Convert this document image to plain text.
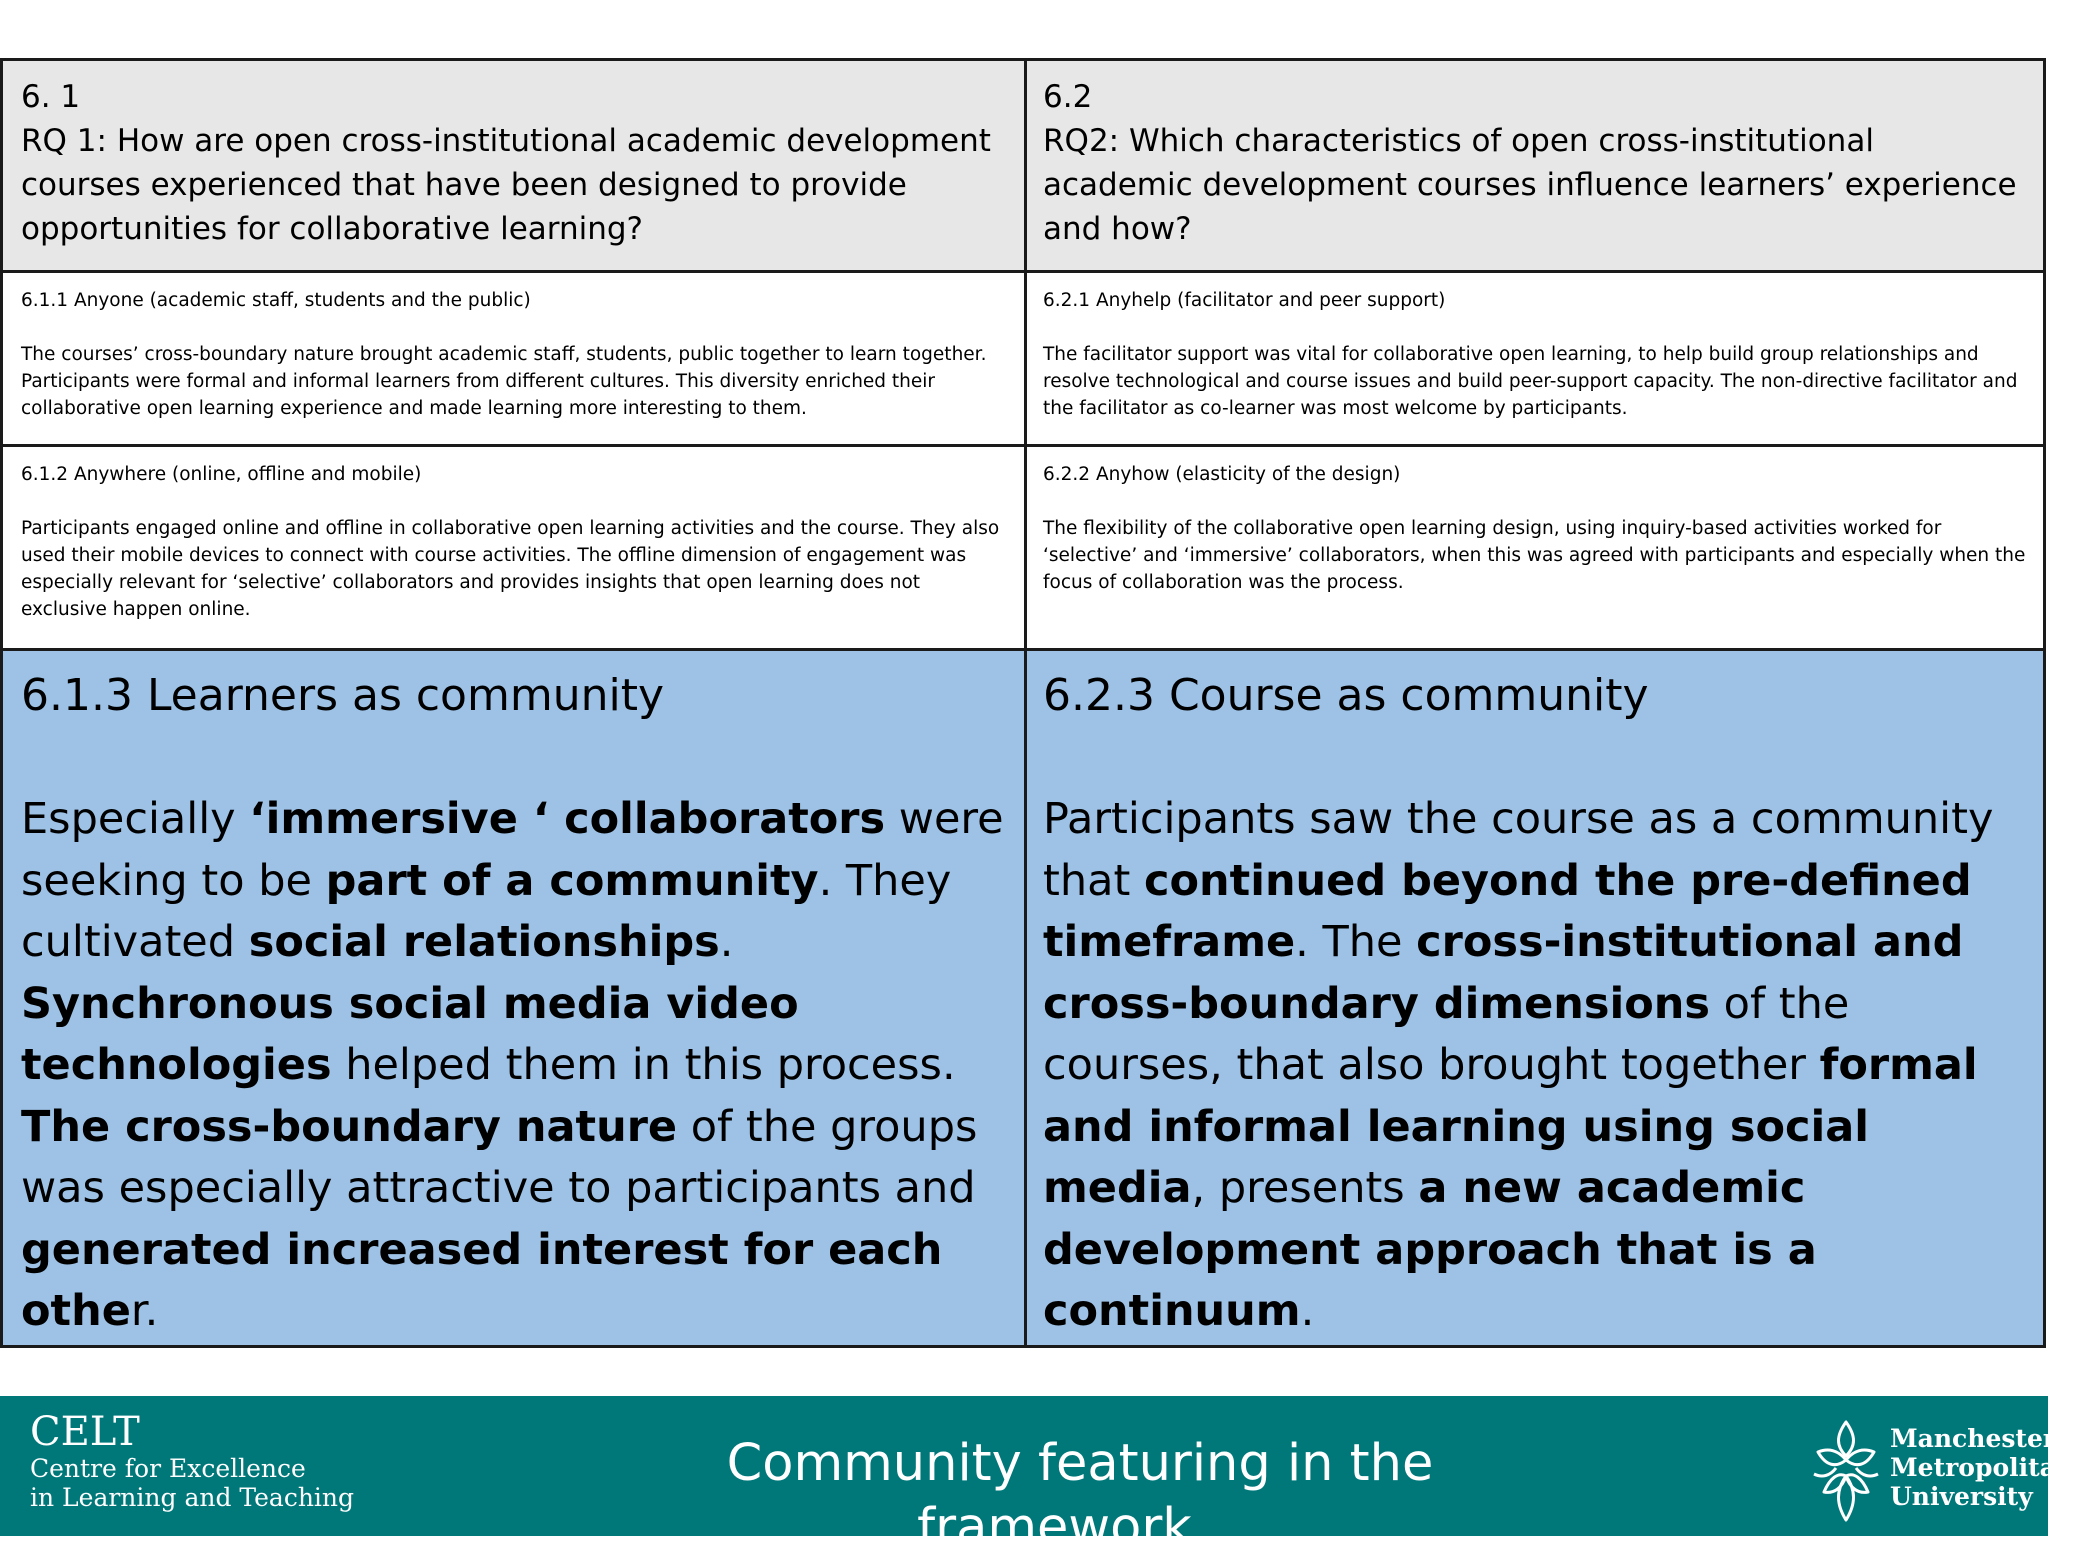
6. 1
RQ 1: How are open cross-institutional academic development courses experienced that have been designed to provide opportunities for collaborative learning?
6.2
RQ2: Which characteristics of open cross-institutional academic development courses influence learners’ experience and how?
6.1.1 Anyone (academic staff, students and the public)
The courses’ cross-boundary nature brought academic staff, students, public together to learn together. Participants were formal and informal learners from different cultures. This diversity enriched their collaborative open learning experience and made learning more interesting to them.
6.2.1 Anyhelp (facilitator and peer support)
The facilitator support was vital for collaborative open learning, to help build group relationships and resolve technological and course issues and build peer-support capacity. The non-directive facilitator and the facilitator as co-learner was most welcome by participants.
6.1.2 Anywhere (online, offline and mobile)
Participants engaged online and offline in collaborative open learning activities and the course. They also used their mobile devices to connect with course activities. The offline dimension of engagement was especially relevant for ‘selective’ collaborators and provides insights that open learning does not exclusive happen online.
6.2.2 Anyhow (elasticity of the design)
The flexibility of the collaborative open learning design, using inquiry-based activities worked for ‘selective’ and ‘immersive’ collaborators, when this was agreed with participants and especially when the focus of collaboration was the process.
6.1.3 Learners as community
Especially ‘immersive ‘ collaborators were seeking to be part of a community. They cultivated social relationships. Synchronous social media video technologies helped them in this process. The cross-boundary nature of the groups was especially attractive to participants and generated increased interest for each other.
6.2.3 Course as community
Participants saw the course as a community that continued beyond the pre-defined timeframe. The cross-institutional and cross-boundary dimensions of the courses, that also brought together formal and informal learning using social media, presents a new academic development approach that is a continuum.
CELT
Centre for Excellence
in Learning and Teaching
Community featuring in the framework…
Manchester
Metropolitan
University
